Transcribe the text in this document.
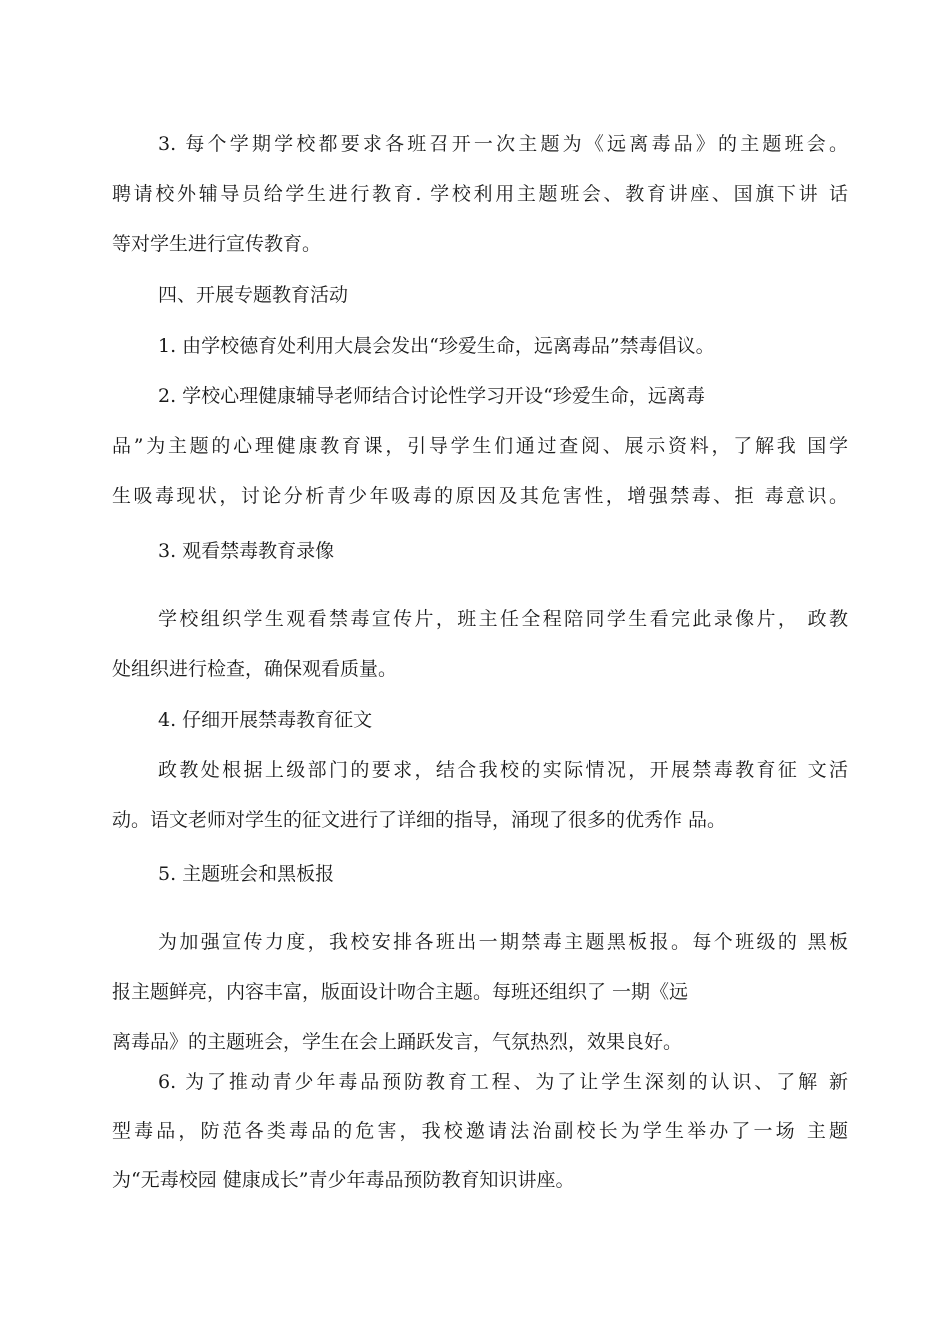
3. 每个学期学校都要求各班召开一次主题为《远离毒品》的主题班会。
聘请校外辅导员给学生进行教育. 学校利用主题班会、教育讲座、国旗下讲 话
等对学生进行宣传教育。
四、开展专题教育活动
1. 由学校德育处利用大晨会发出“珍爱生命，远离毒品”禁毒倡议。
2. 学校心理健康辅导老师结合讨论性学习开设“珍爱生命，远离毒
品”为主题的心理健康教育课，引导学生们通过查阅、展示资料，了解我 国学
生吸毒现状，讨论分析青少年吸毒的原因及其危害性，增强禁毒、拒 毒意识。
3. 观看禁毒教育录像
学校组织学生观看禁毒宣传片，班主任全程陪同学生看完此录像片， 政教
处组织进行检查，确保观看质量。
4. 仔细开展禁毒教育征文
政教处根据上级部门的要求，结合我校的实际情况，开展禁毒教育征 文活
动。语文老师对学生的征文进行了详细的指导，涌现了很多的优秀作 品。
5. 主题班会和黑板报
为加强宣传力度，我校安排各班出一期禁毒主题黑板报。每个班级的 黑板
报主题鲜亮，内容丰富，版面设计吻合主题。每班还组织了 一期《远
离毒品》的主题班会，学生在会上踊跃发言，气氛热烈，效果良好。
6. 为了推动青少年毒品预防教育工程、为了让学生深刻的认识、了解 新
型毒品，防范各类毒品的危害，我校邀请法治副校长为学生举办了一场 主题
为“无毒校园 健康成长”青少年毒品预防教育知识讲座。
